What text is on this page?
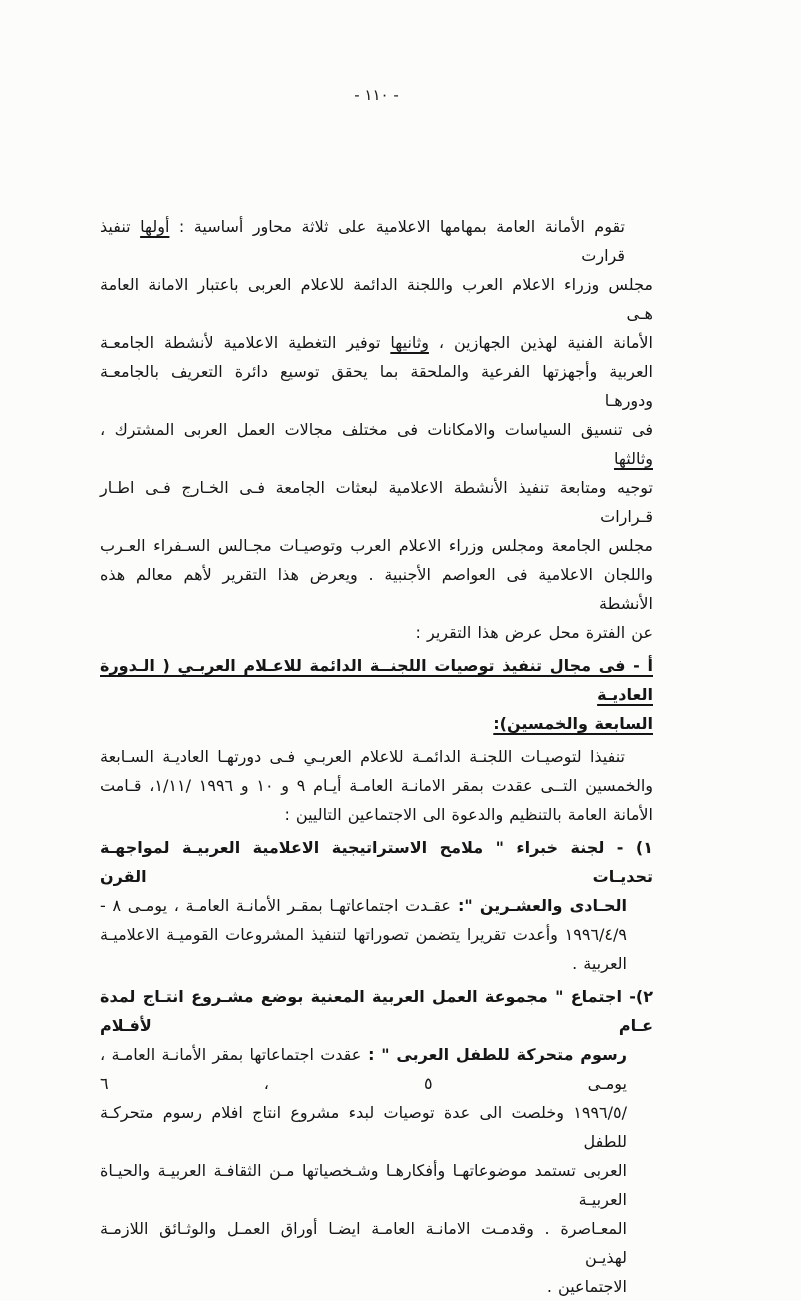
- ١١٠ -
تقوم الأمانة العامة بمهامها الاعلامية على ثلاثة محاور أساسية : أولها تنفيذ قرارت
مجلس وزراء الاعلام العرب واللجنة الدائمة للاعلام العربى باعتبار الامانة العامة هـى
الأمانة الفنية لهذين الجهازين ، وثانيها توفير التغطية الاعلامية لأنشطة الجامعـة
العربية وأجهزتها الفرعية والملحقة بما يحقق توسيع دائرة التعريف بالجامعـة ودورهـا
فى تنسيق السياسات والامكانات فى مختلف مجالات العمل العربى المشترك ، وثالثها
توجيه ومتابعة تنفيذ الأنشطة الاعلامية لبعثات الجامعة فـى الخـارج فـى اطـار قـرارات
مجلس الجامعة ومجلس وزراء الاعلام العرب وتوصيـات مجـالس السـفراء العـرب
واللجان الاعلامية فى العواصم الأجنبية . ويعرض هذا التقرير لأهم معالم هذه الأنشطة
عن الفترة محل عرض هذا التقرير :
أ - فى مجال تنفيذ توصيات اللجنــة الدائمة للاعـلام العربـي ( الـدورة العاديـة
السابعة والخمسين):
تنفيذا لتوصيـات اللجنـة الدائمـة للاعلام العربـي فـى دورتهـا العاديـة السـابعة
والخمسين التــى عقدت بمقر الامانـة العامـة أيـام ٩ و ١٠ و ١٩٩٦ /١/١١، قـامت
الأمانة العامة بالتنظيم والدعوة الى الاجتماعين التاليين :
١) - لجنة خبراء " ملامح الاستراتيجية الاعلامية العربيـة لمواجهـة تحديـات القرن
الحـادى والعشـرين ": عقـدت اجتماعاتهـا بمقـر الأمانـة العامـة ، يومـى ٨ -
١٩٩٦/٤/٩ وأعدت تقريرا يتضمن تصوراتها لتنفيذ المشروعات القوميـة الاعلاميـة
العربية .
٢)- اجتماع " مجموعة العمل العربية المعنية بوضع مشـروع انتـاج لمدة عـام لأفـلام
رسوم متحركة للطفل العربى " : عقدت اجتماعاتها بمقر الأمانـة العامـة ، يومـى ٥ ، ٦
١٩٩٦/٥/ وخلصت الى عدة توصيات لبدء مشروع انتاج افلام رسوم متحركـة للطفل
العربى تستمد موضوعاتهـا وأفكارهـا وشـخصياتها مـن الثقافـة العربيـة والحيـاة العربيـة
المعـاصرة . وقدمـت الامانـة العامـة ايضـا أوراق العمـل والوثـائق اللازمـة لهذيـن
الاجتماعين .
